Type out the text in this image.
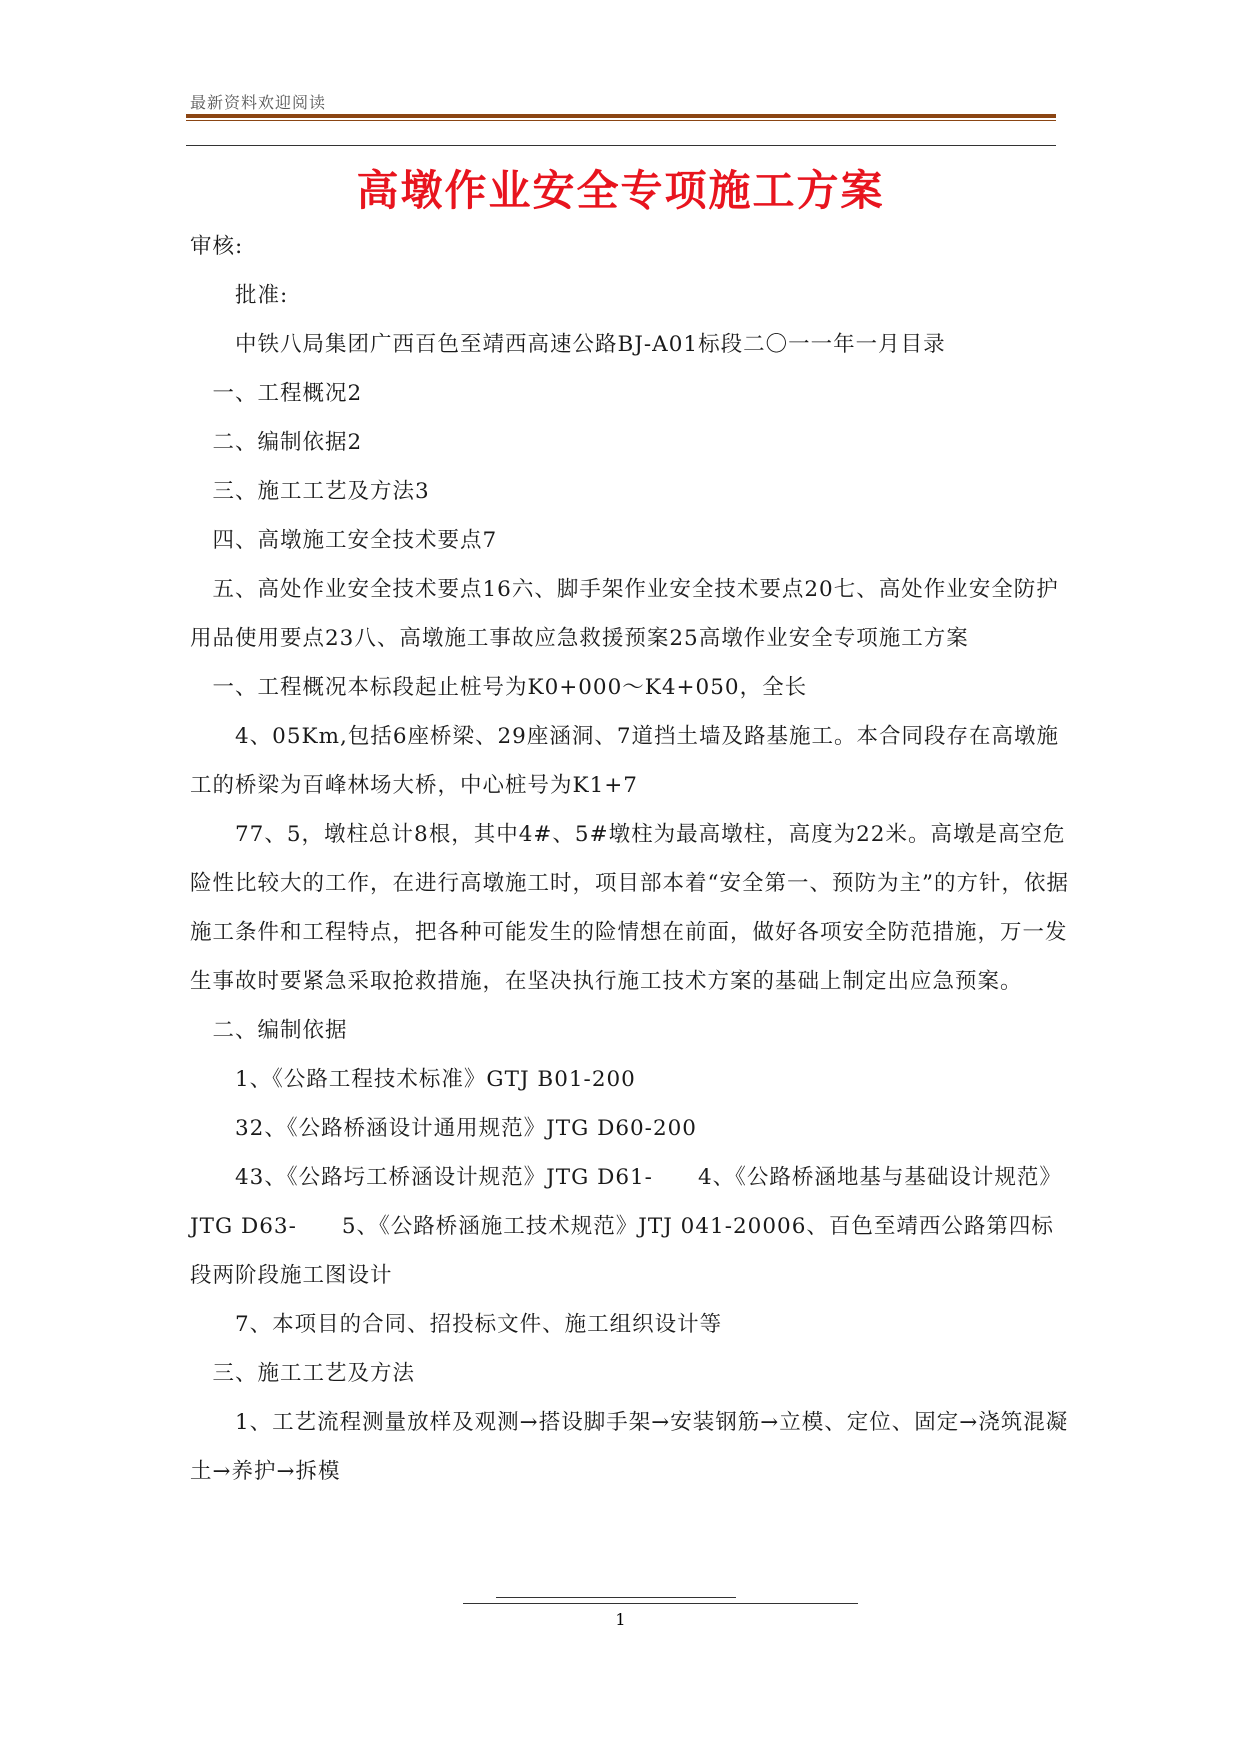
最新资料欢迎阅读
高墩作业安全专项施工方案

审核:

　　批准:

　　中铁八局集团广西百色至靖西高速公路BJ-A01标段二〇一一年一月目录

　一、工程概况2

　二、编制依据2

　三、施工工艺及方法3

　四、高墩施工安全技术要点7

　五、高处作业安全技术要点16六、脚手架作业安全技术要点20七、高处作业安全防护用品使用要点23八、高墩施工事故应急救援预案25高墩作业安全专项施工方案

　一、工程概况本标段起止桩号为K0+000～K4+050，全长

　　4、05Km,包括6座桥梁、29座涵洞、7道挡土墙及路基施工。本合同段存在高墩施工的桥梁为百峰林场大桥，中心桩号为K1+7

　　77、5，墩柱总计8根，其中4#、5#墩柱为最高墩柱，高度为22米。高墩是高空危险性比较大的工作，在进行高墩施工时，项目部本着“安全第一、预防为主”的方针，依据施工条件和工程特点，把各种可能发生的险情想在前面，做好各项安全防范措施，万一发生事故时要紧急采取抢救措施，在坚决执行施工技术方案的基础上制定出应急预案。

　二、编制依据

　　1、《公路工程技术标准》GTJ B01-200

　　32、《公路桥涵设计通用规范》JTG D60-200

　　43、《公路圬工桥涵设计规范》JTG D61-　　4、《公路桥涵地基与基础设计规范》JTG D63-　　5、《公路桥涵施工技术规范》JTJ 041-20006、百色至靖西公路第四标段两阶段施工图设计

　　7、本项目的合同、招投标文件、施工组织设计等

　三、施工工艺及方法

　　1、工艺流程测量放样及观测→搭设脚手架→安装钢筋→立模、定位、固定→浇筑混凝土→养护→拆模

1
